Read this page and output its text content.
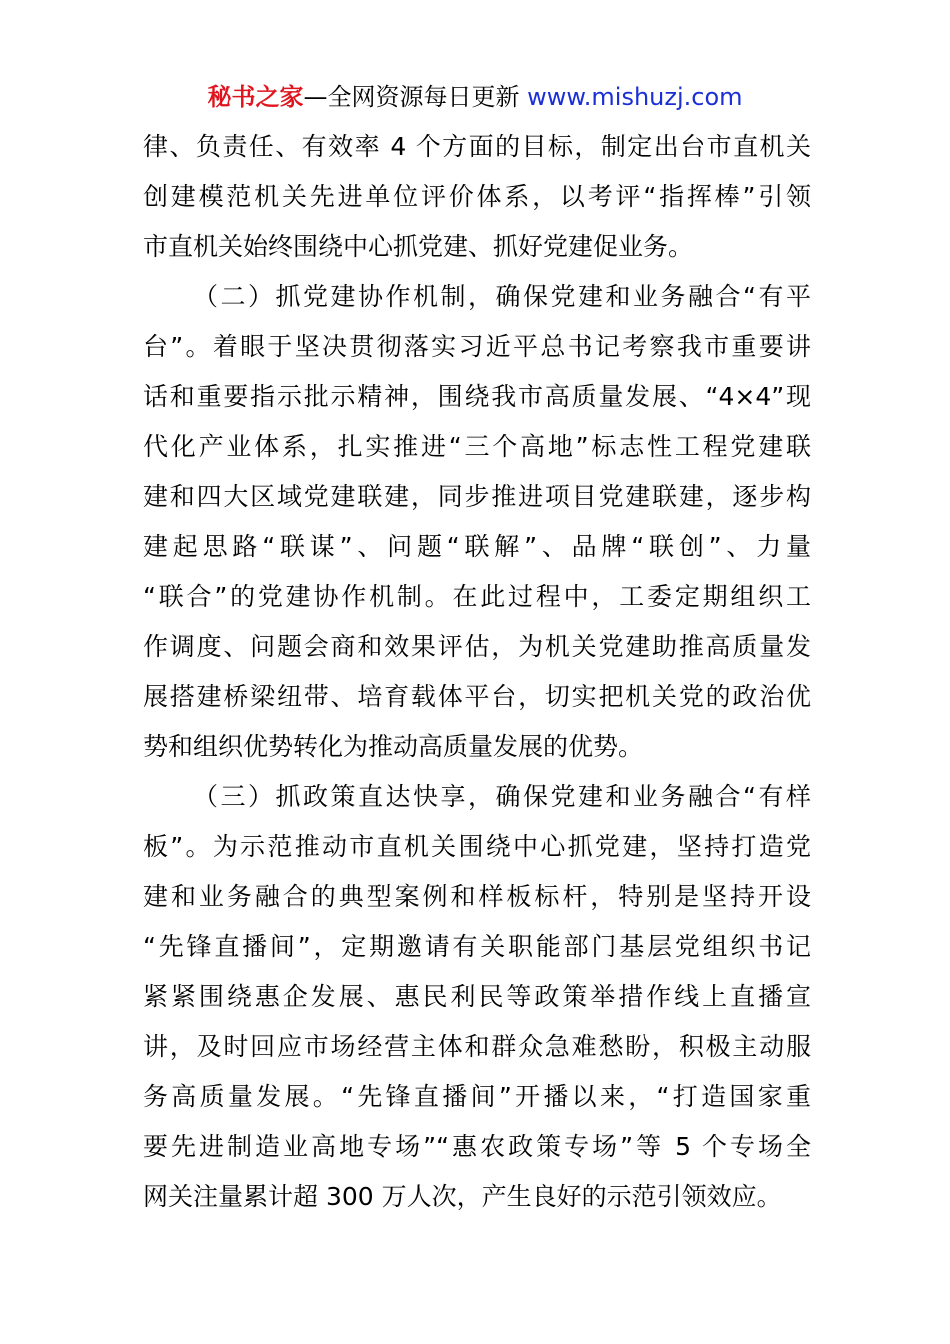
秘书之家—全网资源每日更新 www.mishuzj.com
律、负责任、有效率 4 个方面的目标，制定出台市直机关
创建模范机关先进单位评价体系，以考评“指挥棒”引领
市直机关始终围绕中心抓党建、抓好党建促业务。
（二）抓党建协作机制，确保党建和业务融合“有平
台”。着眼于坚决贯彻落实习近平总书记考察我市重要讲
话和重要指示批示精神，围绕我市高质量发展、“4×4”现
代化产业体系，扎实推进“三个高地”标志性工程党建联
建和四大区域党建联建，同步推进项目党建联建，逐步构
建起思路“联谋”、问题“联解”、品牌“联创”、力量
“联合”的党建协作机制。在此过程中，工委定期组织工
作调度、问题会商和效果评估，为机关党建助推高质量发
展搭建桥梁纽带、培育载体平台，切实把机关党的政治优
势和组织优势转化为推动高质量发展的优势。
（三）抓政策直达快享，确保党建和业务融合“有样
板”。为示范推动市直机关围绕中心抓党建，坚持打造党
建和业务融合的典型案例和样板标杆，特别是坚持开设
“先锋直播间”，定期邀请有关职能部门基层党组织书记
紧紧围绕惠企发展、惠民利民等政策举措作线上直播宣
讲，及时回应市场经营主体和群众急难愁盼，积极主动服
务高质量发展。“先锋直播间”开播以来，“打造国家重
要先进制造业高地专场”“惠农政策专场”等 5 个专场全
网关注量累计超 300 万人次，产生良好的示范引领效应。
